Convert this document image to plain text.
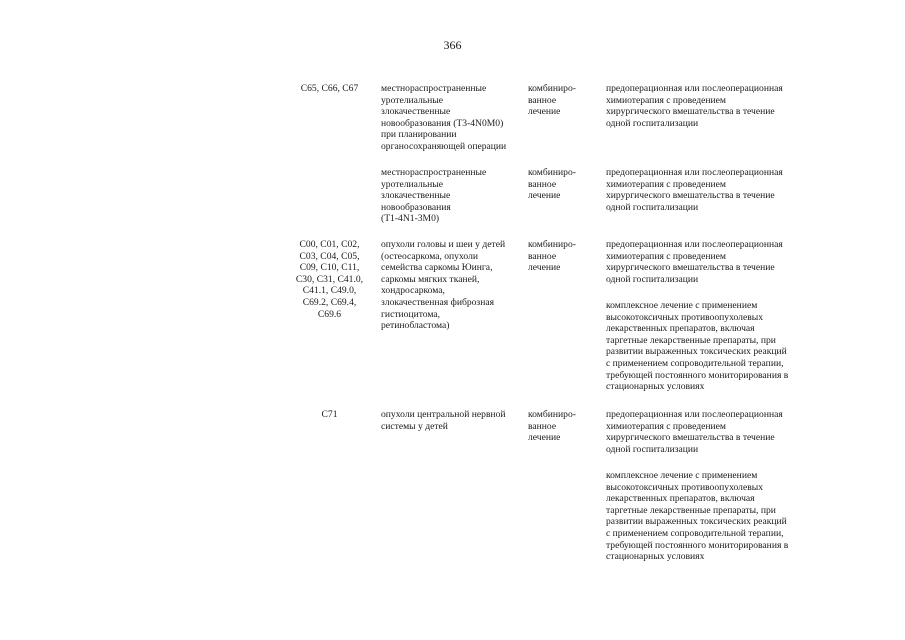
366
C65, C66, C67	местнораспространенные
уротелиальные
злокачественные
новообразования (T3-4N0M0)
при планировании
органосохраняющей операции
комбиниро-
ванное
лечение
предоперационная или послеоперационная
химиотерапия с проведением
хирургического вмешательства в течение
одной госпитализации
местнораспространенные
уротелиальные
злокачественные
новообразования
(T1-4N1-3M0)
комбиниро-
ванное
лечение
предоперационная или послеоперационная
химиотерапия с проведением
хирургического вмешательства в течение
одной госпитализации
C00, C01, C02,
C03, C04, C05,
C09, C10, C11,
C30, C31, C41.0,
C41.1, C49.0,
C69.2, C69.4,
C69.6
опухоли головы и шеи у детей
(остеосаркома, опухоли
семейства саркомы Юинга,
саркомы мягких тканей,
хондросаркома,
злокачественная фиброзная
гистиоцитома,
ретинобластома)
комбиниро-
ванное
лечение
предоперационная или послеоперационная
химиотерапия с проведением
хирургического вмешательства в течение
одной госпитализации
комплексное лечение с применением
высокотоксичных противоопухолевых
лекарственных препаратов, включая
таргетные лекарственные препараты, при
развитии выраженных токсических реакций
с применением сопроводительной терапии,
требующей постоянного мониторирования в
стационарных условиях
C71	опухоли центральной нервной
системы у детей
комбиниро-
ванное
лечение
предоперационная или послеоперационная
химиотерапия с проведением
хирургического вмешательства в течение
одной госпитализации
комплексное лечение с применением
высокотоксичных противоопухолевых
лекарственных препаратов, включая
таргетные лекарственные препараты, при
развитии выраженных токсических реакций
с применением сопроводительной терапии,
требующей постоянного мониторирования в
стационарных условиях
